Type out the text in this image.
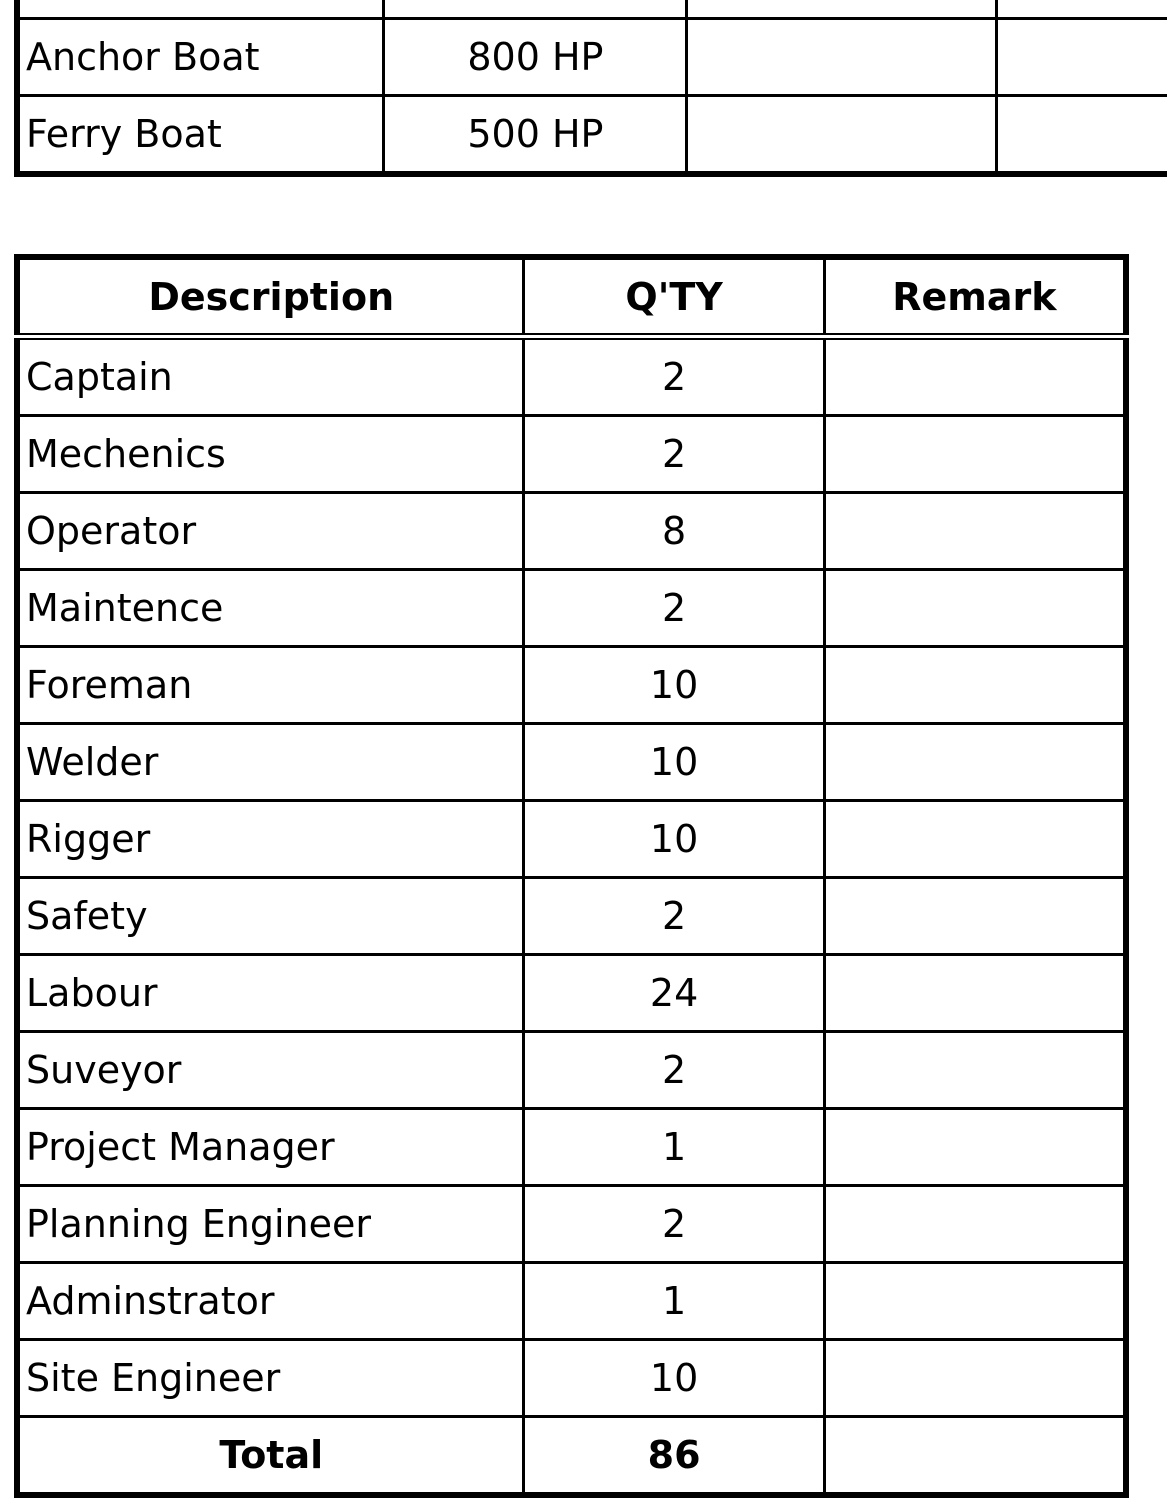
Anchor Boat	800 HP		
Ferry Boat	500 HP		
Description	Q'TY	Remark
Captain	2	
Mechenics	2	
Operator	8	
Maintence	2	
Foreman	10	
Welder	10	
Rigger	10	
Safety	2	
Labour	24	
Suveyor	2	
Project Manager	1	
Planning Engineer	2	
Adminstrator	1	
Site Engineer	10	
Total	86	
